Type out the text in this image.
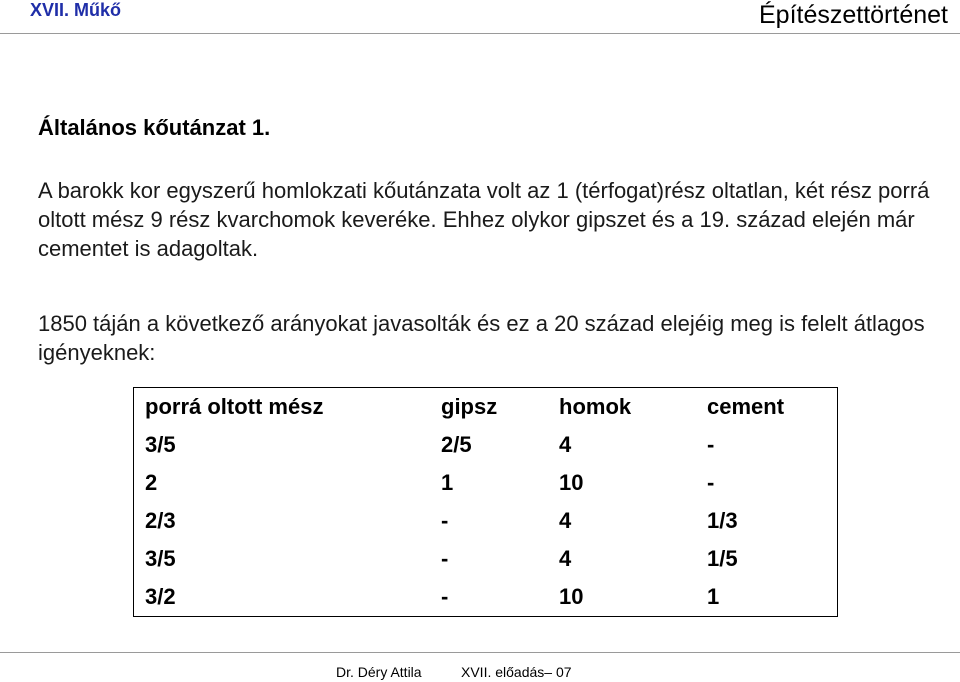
XVII. Műkő	Építészettörténet
Általános kőutánzat 1.
A barokk kor egyszerű homlokzati kőutánzata volt az 1 (térfogat)rész oltatlan, két rész porrá oltott mész 9 rész kvarchomok keveréke. Ehhez olykor gipszet és a 19. század elején már cementet is adagoltak.
1850 táján a következő arányokat javasolták és ez a 20 század elejéig meg is felelt átlagos igényeknek:
porrá oltott mész	gipsz	homok	cement
3/5	2/5	4	-
2	1	10	-
2/3	-	4	1/3
3/5	-	4	1/5
3/2	-	10	1
Dr. Déry Attila	XVII. előadás– 07
